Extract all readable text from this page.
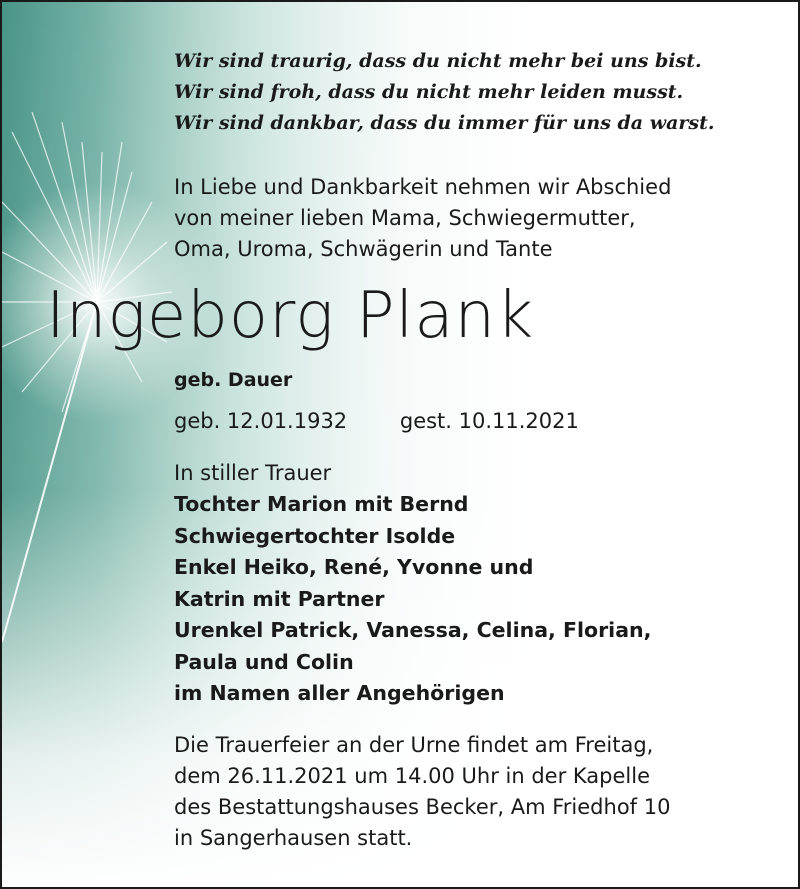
Wir sind traurig, dass du nicht mehr bei uns bist.
Wir sind froh, dass du nicht mehr leiden musst.
Wir sind dankbar, dass du immer für uns da warst.
In Liebe und Dankbarkeit nehmen wir Abschied
von meiner lieben Mama, Schwiegermutter,
Oma, Uroma, Schwägerin und Tante
Ingeborg Plank
geb. Dauer
geb. 12.01.1932	gest. 10.11.2021
In stiller Trauer
Tochter Marion mit Bernd
Schwiegertochter Isolde
Enkel Heiko, René, Yvonne und
Katrin mit Partner
Urenkel Patrick, Vanessa, Celina, Florian,
Paula und Colin
im Namen aller Angehörigen
Die Trauerfeier an der Urne findet am Freitag,
dem 26.11.2021 um 14.00 Uhr in der Kapelle
des Bestattungshauses Becker, Am Friedhof 10
in Sangerhausen statt.
